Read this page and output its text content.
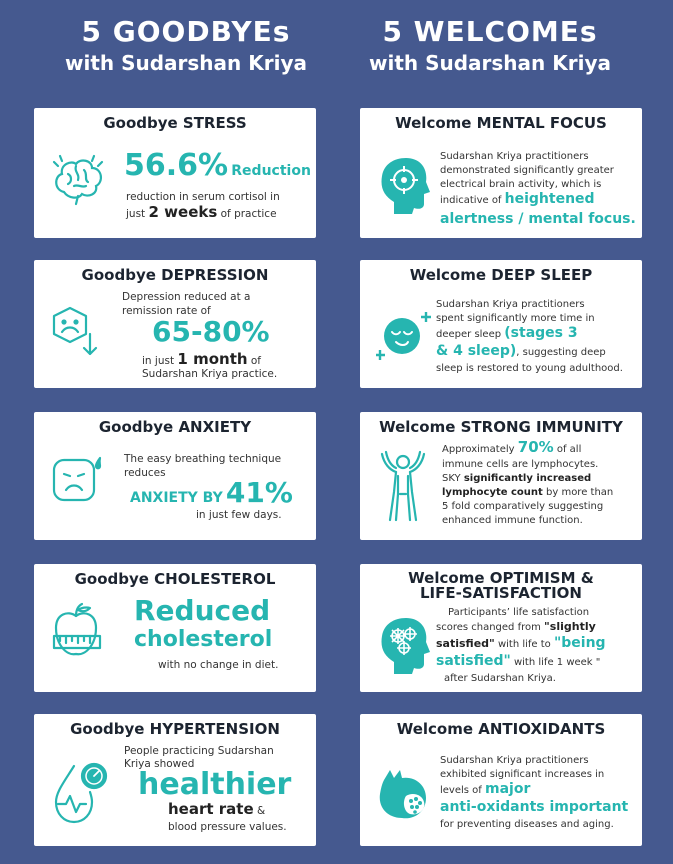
5 GOODBYEs
with Sudarshan Kriya
5 WELCOMEs
with Sudarshan Kriya
Goodbye STRESS
56.6% Reduction
reduction in serum cortisol in
just 2 weeks of practice
Goodbye DEPRESSION
Depression reduced at a
remission rate of
65-80%
in just 1 month of
Sudarshan Kriya practice.
Goodbye ANXIETY
The easy breathing technique
reduces
ANXIETY BY 41%
in just few days.
Goodbye CHOLESTEROL
Reduced
cholesterol
with no change in diet.
Goodbye HYPERTENSION
People practicing Sudarshan
Kriya showed
healthier
heart rate &
blood pressure values.
Welcome MENTAL FOCUS
Sudarshan Kriya practitioners
demonstrated significantly greater
electrical brain activity, which is
indicative of heightened
alertness / mental focus.
Welcome DEEP SLEEP
Sudarshan Kriya practitioners
spent significantly more time in
deeper sleep (stages 3
& 4 sleep), suggesting deep
sleep is restored to young adulthood.
Welcome STRONG IMMUNITY
Approximately 70% of all
immune cells are lymphocytes.
SKY significantly increased
lymphocyte count by more than
5 fold comparatively suggesting
enhanced immune function.
Welcome OPTIMISM &
LIFE-SATISFACTION
Participants’ life satisfaction
scores changed from "slightly
satisfied" with life to "being
satisfied" with life 1 week "
after Sudarshan Kriya.
Welcome ANTIOXIDANTS
Sudarshan Kriya practitioners
exhibited significant increases in
levels of major
anti-oxidants important
for preventing diseases and aging.
